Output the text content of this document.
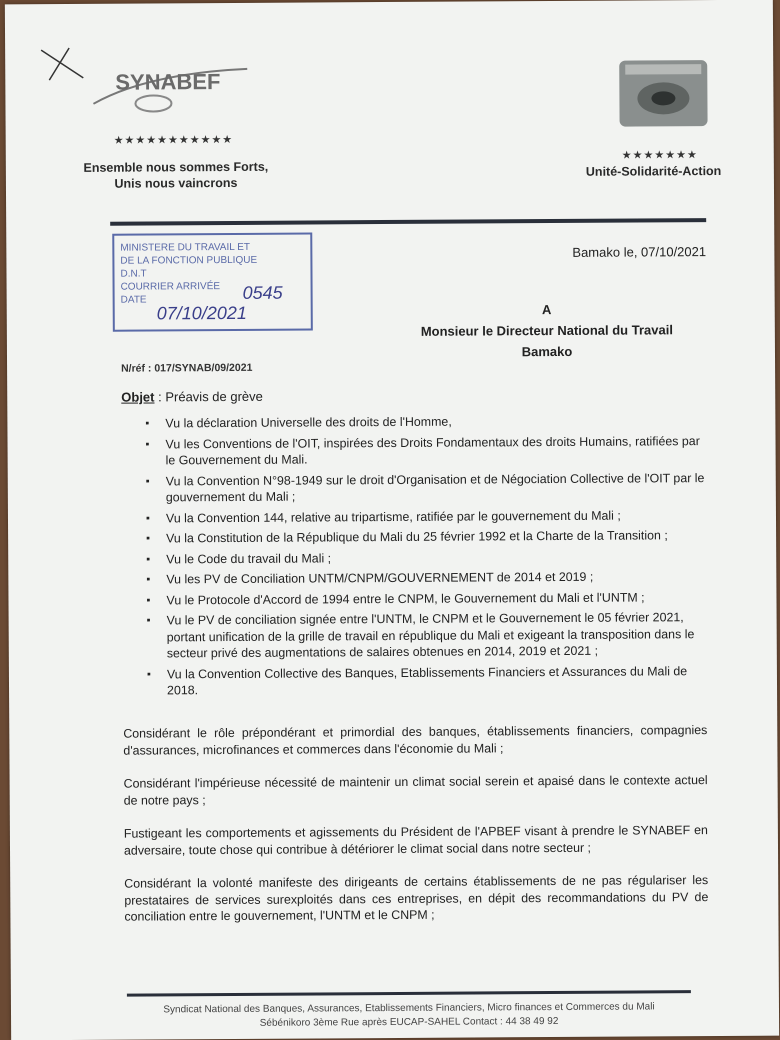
SYNABEF
★★★★★★★★★★★
Ensemble nous sommes Forts,
Unis nous vaincrons
★★★★★★★
Unité-Solidarité-Action
MINISTERE DU TRAVAIL ET
DE LA FONCTION PUBLIQUE
D.N.T
COURRIER ARRIVÉE
DATE	0545
07/10/2021
Bamako le, 07/10/2021
A
Monsieur le Directeur National du Travail
Bamako
N/réf : 017/SYNAB/09/2021
Objet : Préavis de grève
▪ Vu la déclaration Universelle des droits de l'Homme,
▪ Vu les Conventions de l'OIT, inspirées des Droits Fondamentaux des droits Humains, ratifiées par le Gouvernement du Mali.
▪ Vu la Convention N°98-1949 sur le droit d'Organisation et de Négociation Collective de l'OIT par le gouvernement du Mali ;
▪ Vu la Convention 144, relative au tripartisme, ratifiée par le gouvernement du Mali ;
▪ Vu la Constitution de la République du Mali du 25 février 1992 et la Charte de la Transition ;
▪ Vu le Code du travail du Mali ;
▪ Vu les PV de Conciliation UNTM/CNPM/GOUVERNEMENT de 2014 et 2019 ;
▪ Vu le Protocole d'Accord de 1994 entre le CNPM, le Gouvernement du Mali et l'UNTM ;
▪ Vu le PV de conciliation signée entre l'UNTM, le CNPM et le Gouvernement le 05 février 2021, portant unification de la grille de travail en république du Mali et exigeant la transposition dans le secteur privé des augmentations de salaires obtenues en 2014, 2019 et 2021 ;
▪ Vu la Convention Collective des Banques, Etablissements Financiers et Assurances du Mali de 2018.

Considérant le rôle prépondérant et primordial des banques, établissements financiers, compagnies d'assurances, microfinances et commerces dans l'économie du Mali ;

Considérant l'impérieuse nécessité de maintenir un climat social serein et apaisé dans le contexte actuel de notre pays ;

Fustigeant les comportements et agissements du Président de l'APBEF visant à prendre le SYNABEF en adversaire, toute chose qui contribue à détériorer le climat social dans notre secteur ;

Considérant la volonté manifeste des dirigeants de certains établissements de ne pas régulariser les prestataires de services surexploités dans ces entreprises, en dépit des recommandations du PV de conciliation entre le gouvernement, l'UNTM et le CNPM ;

Syndicat National des Banques, Assurances, Etablissements Financiers, Micro finances et Commerces du Mali
Sébénikoro 3ème Rue après EUCAP-SAHEL Contact : 44 38 49 92
